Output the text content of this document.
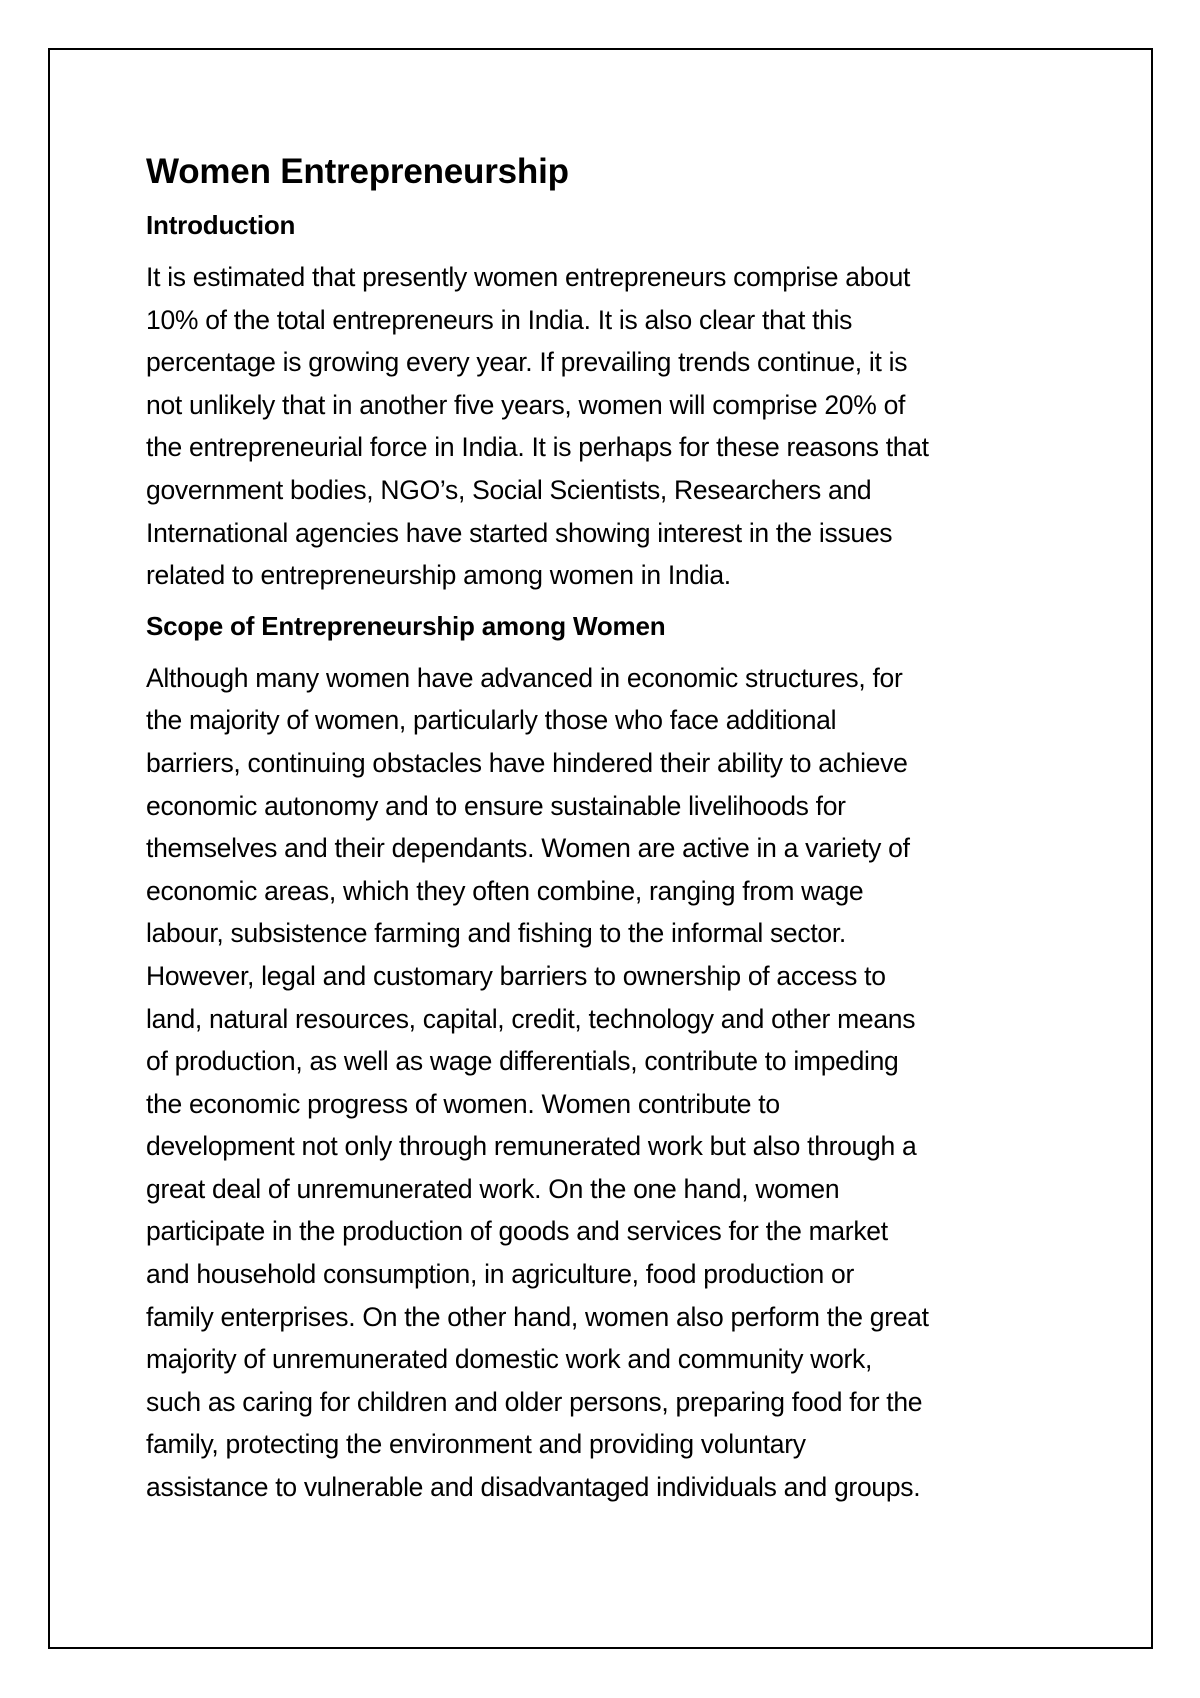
Women Entrepreneurship
Introduction

It is estimated that presently women entrepreneurs comprise about
10% of the total entrepreneurs in India. It is also clear that this
percentage is growing every year. If prevailing trends continue, it is
not unlikely that in another five years, women will comprise 20% of
the entrepreneurial force in India. It is perhaps for these reasons that
government bodies, NGO’s, Social Scientists, Researchers and
International agencies have started showing interest in the issues
related to entrepreneurship among women in India.

Scope of Entrepreneurship among Women

Although many women have advanced in economic structures, for
the majority of women, particularly those who face additional
barriers, continuing obstacles have hindered their ability to achieve
economic autonomy and to ensure sustainable livelihoods for
themselves and their dependants. Women are active in a variety of
economic areas, which they often combine, ranging from wage
labour, subsistence farming and fishing to the informal sector.
However, legal and customary barriers to ownership of access to
land, natural resources, capital, credit, technology and other means
of production, as well as wage differentials, contribute to impeding
the economic progress of women. Women contribute to
development not only through remunerated work but also through a
great deal of unremunerated work. On the one hand, women
participate in the production of goods and services for the market
and household consumption, in agriculture, food production or
family enterprises. On the other hand, women also perform the great
majority of unremunerated domestic work and community work,
such as caring for children and older persons, preparing food for the
family, protecting the environment and providing voluntary
assistance to vulnerable and disadvantaged individuals and groups.
